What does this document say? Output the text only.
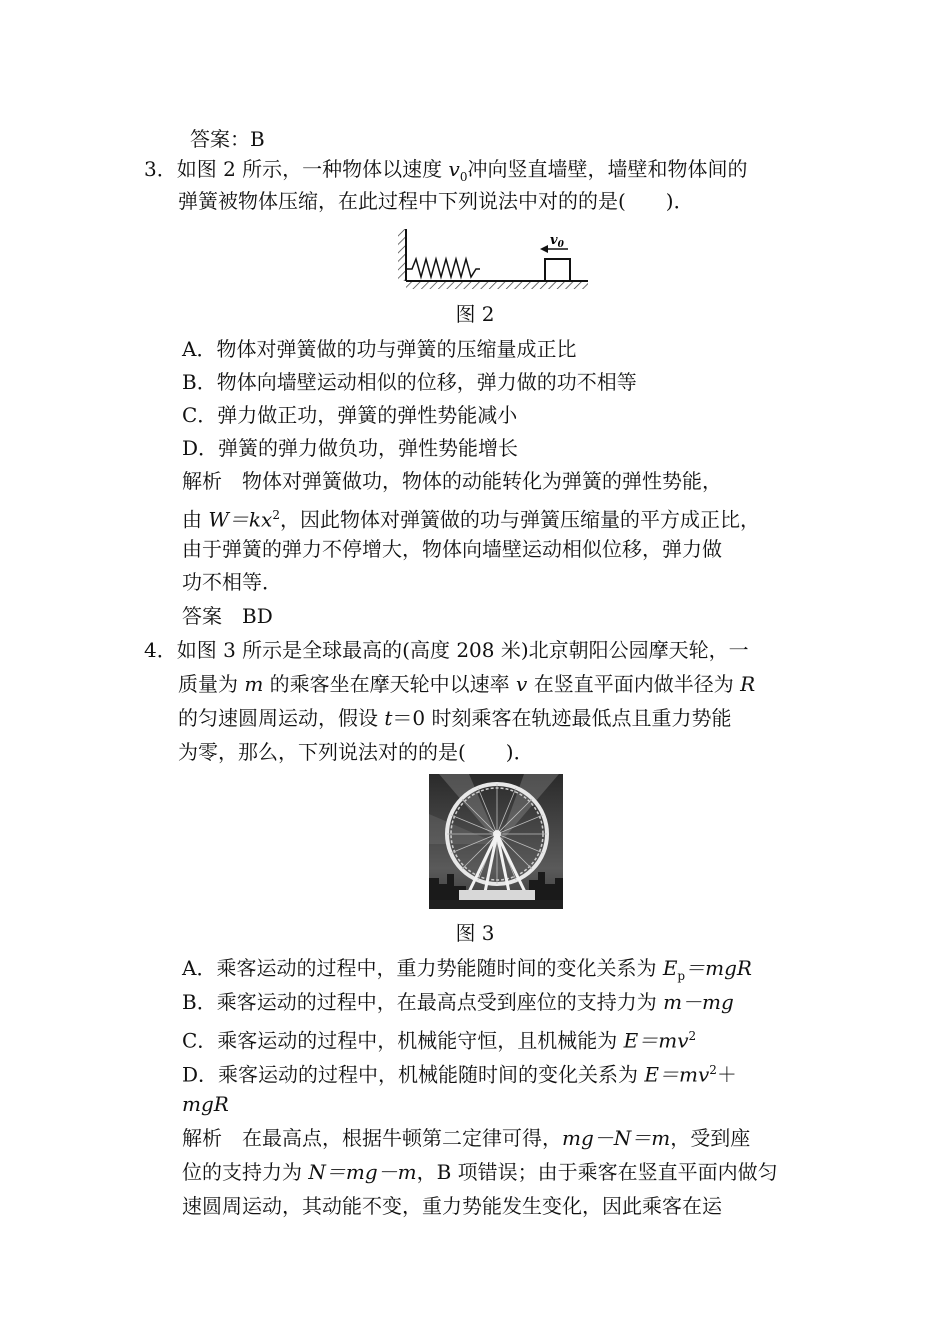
答案：B
3．如图 2 所示，一种物体以速度 $v_0$冲向竖直墙壁，墙壁和物体间的
弹簧被物体压缩，在此过程中下列说法中对的的是(　　)．
$v_0$
图 2
A．物体对弹簧做的功与弹簧的压缩量成正比
B．物体向墙壁运动相似的位移，弹力做的功不相等
C．弹力做正功，弹簧的弹性势能减小
D．弹簧的弹力做负功，弹性势能增长
解析　物体对弹簧做功，物体的动能转化为弹簧的弹性势能，
由 $W=kx^2$，因此物体对弹簧做的功与弹簧压缩量的平方成正比，
由于弹簧的弹力不停增大，物体向墙壁运动相似位移，弹力做
功不相等．
答案　BD
4．如图 3 所示是全球最高的(高度 208 米)北京朝阳公园摩天轮，一
质量为 m 的乘客坐在摩天轮中以速率 v 在竖直平面内做半径为 R
的匀速圆周运动，假设 t＝0 时刻乘客在轨迹最低点且重力势能
为零，那么，下列说法对的的是(　　)．
图 3
A．乘客运动的过程中，重力势能随时间的变化关系为 $E_p=mgR$
B．乘客运动的过程中，在最高点受到座位的支持力为 m－mg
C．乘客运动的过程中，机械能守恒，且机械能为 $E=mv^2$
D．乘客运动的过程中，机械能随时间的变化关系为 $E=mv^2+$
mgR
解析　在最高点，根据牛顿第二定律可得，mg－N＝m，受到座
位的支持力为 N＝mg－m，B 项错误；由于乘客在竖直平面内做匀
速圆周运动，其动能不变，重力势能发生变化，因此乘客在运
